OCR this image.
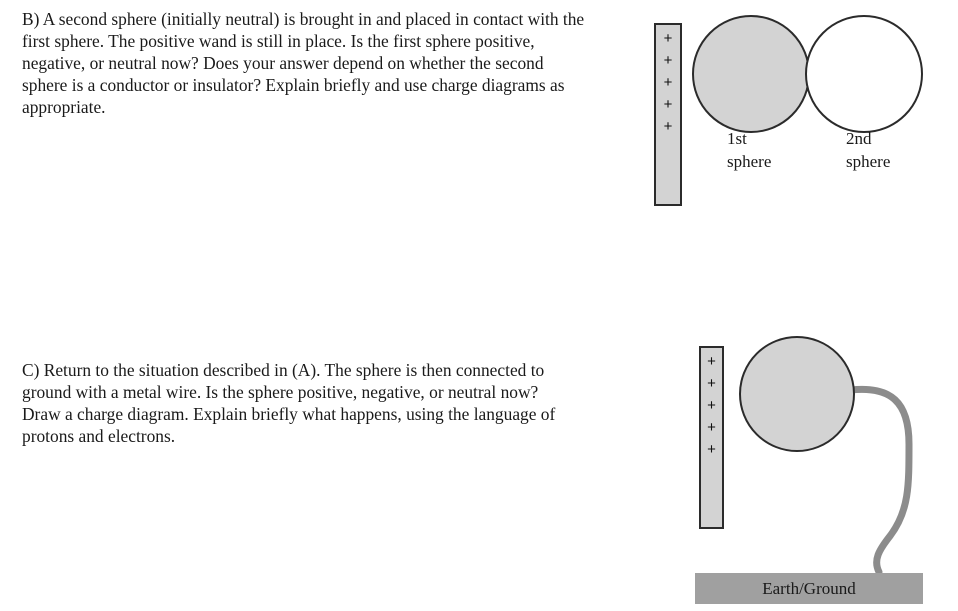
B) A second sphere (initially neutral) is brought in and placed in contact with the
first sphere. The positive wand is still in place. Is the first sphere positive,
negative, or neutral now? Does your answer depend on whether the second
sphere is a conductor or insulator? Explain briefly and use charge diagrams as
appropriate.
+
+
+
+
+
1st
sphere
2nd
sphere
C) Return to the situation described in (A). The sphere is then connected to
ground with a metal wire. Is the sphere positive, negative, or neutral now?
Draw a charge diagram. Explain briefly what happens, using the language of
protons and electrons.
+
+
+
+
+
Earth/Ground
